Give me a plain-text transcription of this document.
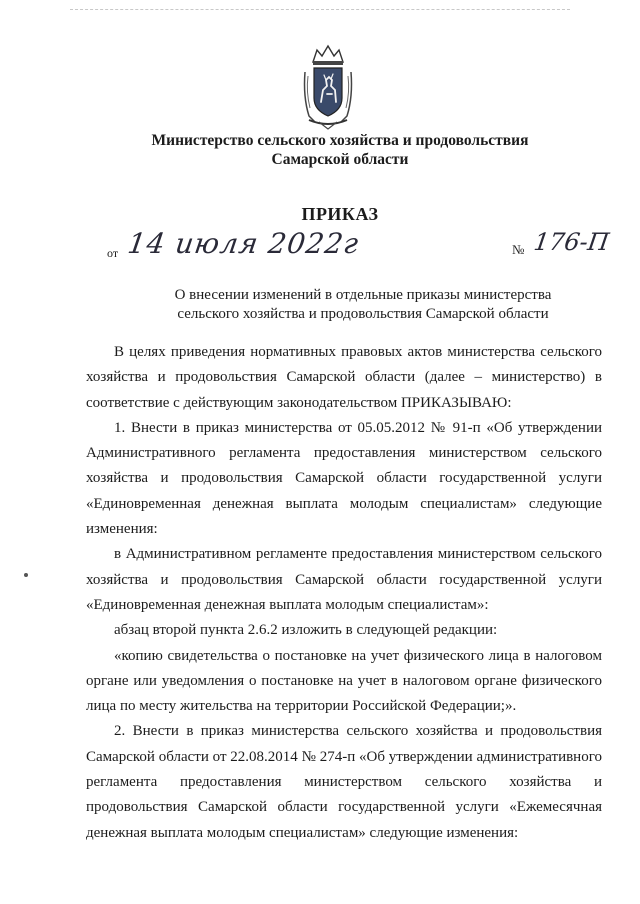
Министерство сельского хозяйства и продовольствия
Самарской области
ПРИКАЗ
от 14 июля 2022г	№ 176-П
О внесении изменений в отдельные приказы министерства
сельского хозяйства и продовольствия Самарской области

В целях приведения нормативных правовых актов министерства сельского хозяйства и продовольствия Самарской области (далее – министерство) в соответствие с действующим законодательством ПРИКАЗЫВАЮ:

1. Внести в приказ министерства от 05.05.2012 № 91-п «Об утверждении Административного регламента предоставления министерством сельского хозяйства и продовольствия Самарской области государственной услуги «Единовременная денежная выплата молодым специалистам» следующие изменения:

в Административном регламенте предоставления министерством сельского хозяйства и продовольствия Самарской области государственной услуги «Единовременная денежная выплата молодым специалистам»:

абзац второй пункта 2.6.2 изложить в следующей редакции:

«копию свидетельства о постановке на учет физического лица в налоговом органе или уведомления о постановке на учет в налоговом органе физического лица по месту жительства на территории Российской Федерации;».

2. Внести в приказ министерства сельского хозяйства и продовольствия Самарской области от 22.08.2014 № 274-п «Об утверждении административного регламента предоставления министерством сельского хозяйства и продовольствия Самарской области государственной услуги «Ежемесячная денежная выплата молодым специалистам» следующие изменения:
